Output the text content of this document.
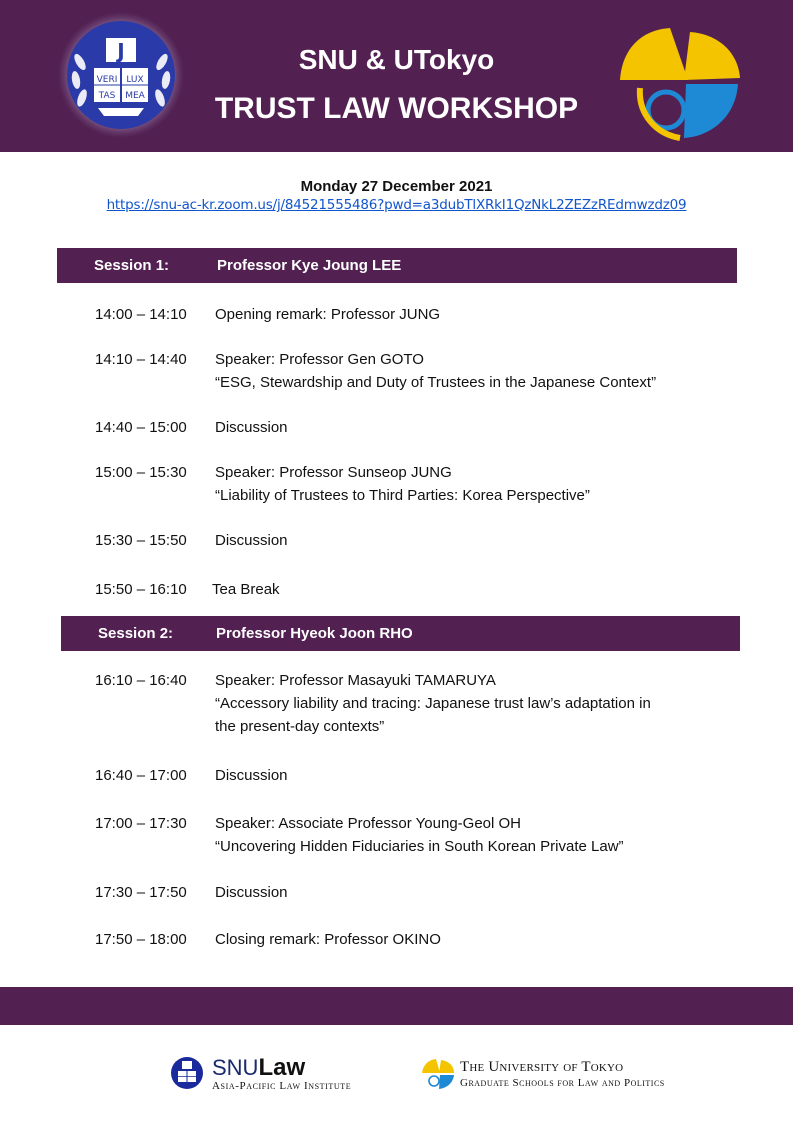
J
VERI LUX
TAS MEA
SNU & UTokyo
TRUST LAW WORKSHOP
Monday 27 December 2021
https://snu-ac-kr.zoom.us/j/84521555486?pwd=a3dubTlXRkI1QzNkL2ZEZzREdmwzdz09
Session 1:	Professor Kye Joung LEE
14:00 – 14:10	Opening remark: Professor JUNG
14:10 – 14:40	Speaker: Professor Gen GOTO
“ESG, Stewardship and Duty of Trustees in the Japanese Context”
14:40 – 15:00	Discussion
15:00 – 15:30	Speaker: Professor Sunseop JUNG
“Liability of Trustees to Third Parties: Korea Perspective”
15:30 – 15:50	Discussion
15:50 – 16:10	Tea Break
Session 2:	Professor Hyeok Joon RHO
16:10 – 16:40	Speaker: Professor Masayuki TAMARUYA
“Accessory liability and tracing: Japanese trust law’s adaptation in
the present-day contexts”
16:40 – 17:00	Discussion
17:00 – 17:30	Speaker: Associate Professor Young-Geol OH
“Uncovering Hidden Fiduciaries in South Korean Private Law”
17:30 – 17:50	Discussion
17:50 – 18:00	Closing remark: Professor OKINO
SNULaw
Asia-Pacific Law Institute
The University of Tokyo
Graduate Schools for Law and Politics
